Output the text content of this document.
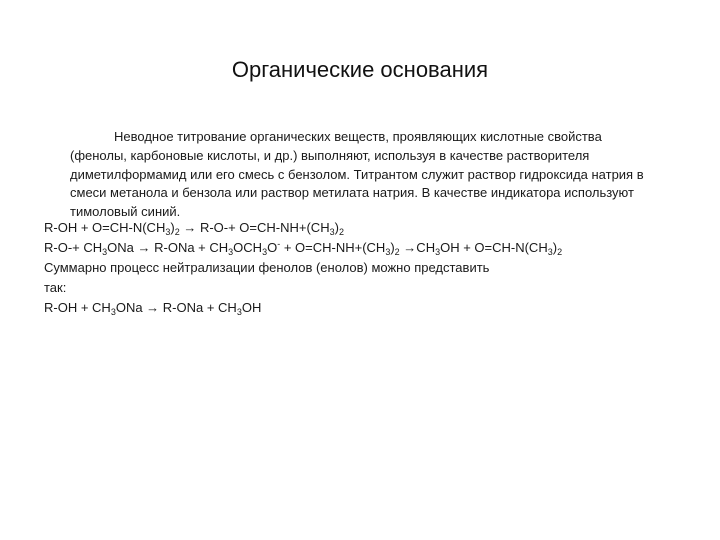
Органические основания
Неводное титрование органических веществ, проявляющих кислотные свойства (фенолы, карбоновые кислоты, и др.) выполняют, используя в качестве растворителя диметилформамид или его смесь с бензолом. Титрантом служит раствор гидроксида натрия в смеси метанола и бензола или раствор метилата натрия. В качестве индикатора используют тимоловый синий.
$R-OH + O=CH-N(CH_3)_2 \to R-O-+ O=CH-NH+(CH_3)_2$
$R-O-+ CH_3ONa \to R-ONa + CH_3OCH_3O^- + O=CH-NH+(CH_3)_2 \to CH_3OH + O=CH-N(CH_3)_2$
Суммарно процесс нейтрализации фенолов (енолов) можно представить
так:
$R-OH + CH_3ONa \to R-ONa + CH_3OH$
